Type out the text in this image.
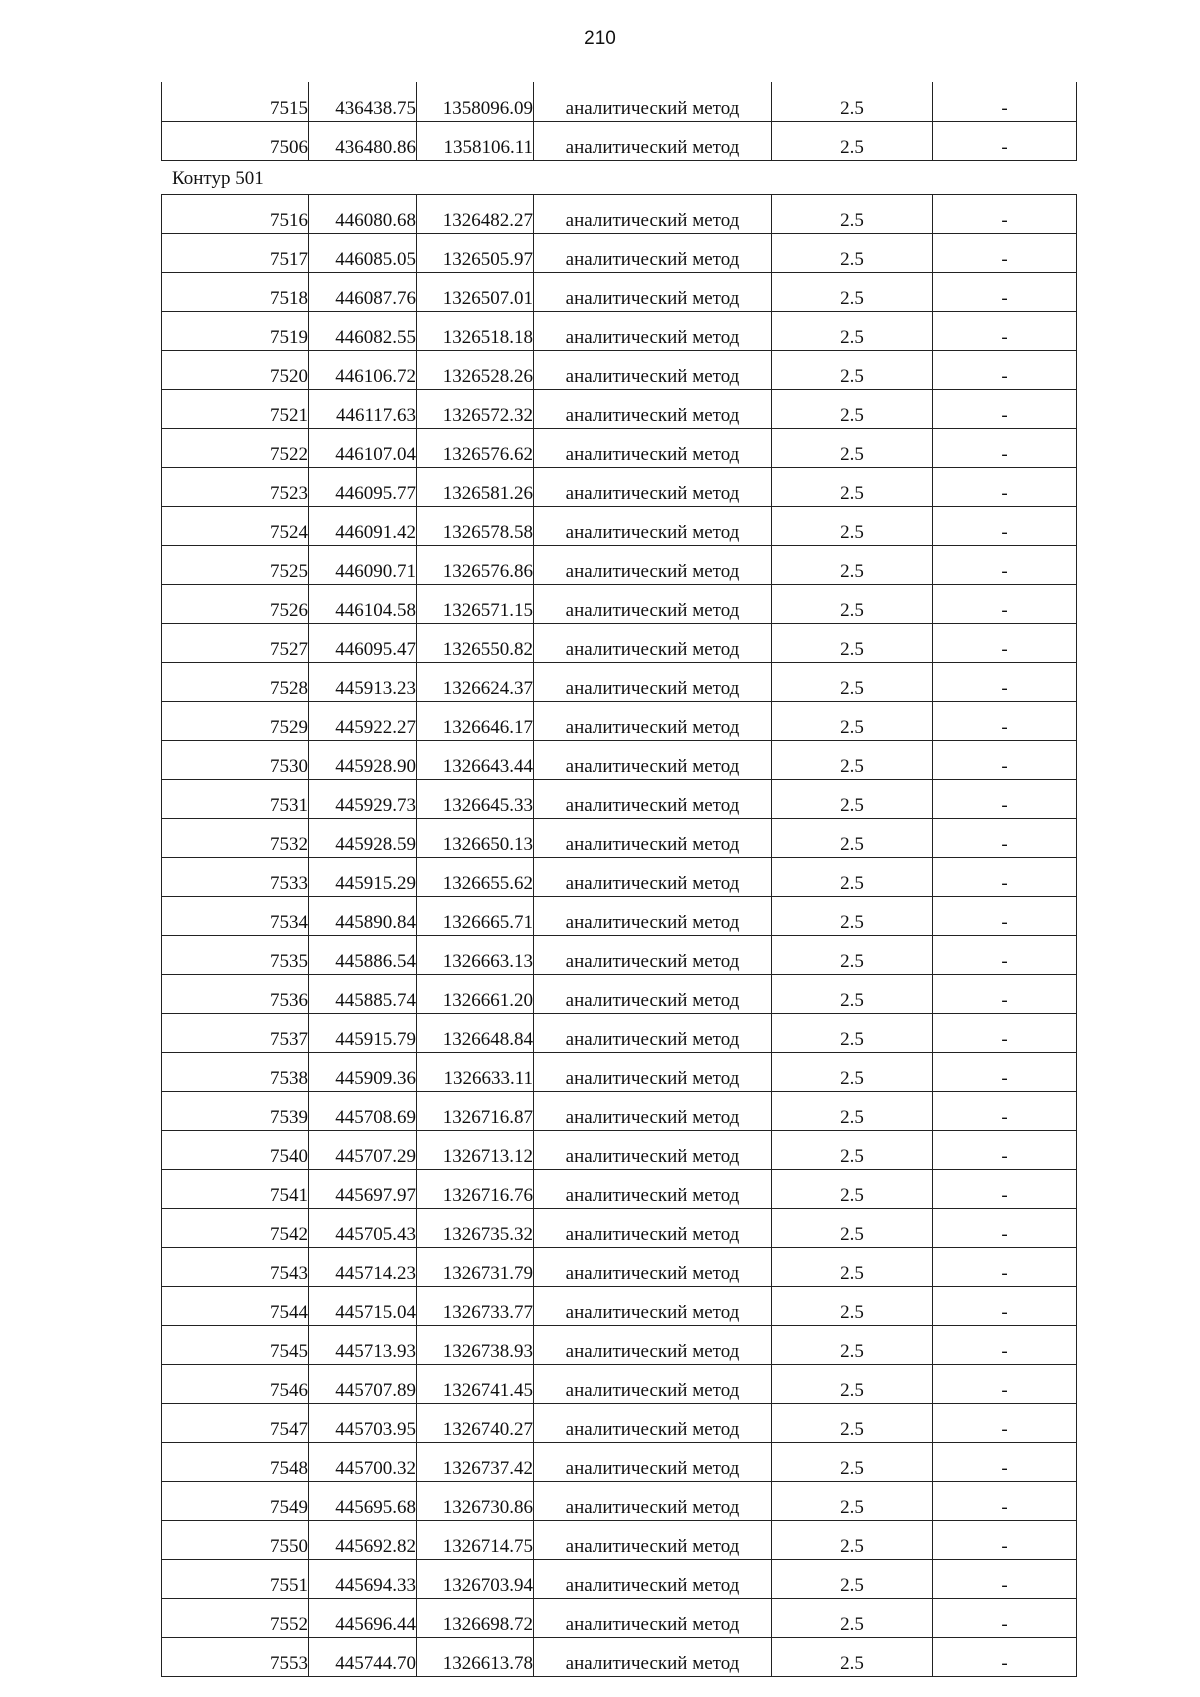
210
7515	436438.75	1358096.09	аналитический метод	2.5	-
7506	436480.86	1358106.11	аналитический метод	2.5	-
Контур 501
7516	446080.68	1326482.27	аналитический метод	2.5	-
7517	446085.05	1326505.97	аналитический метод	2.5	-
7518	446087.76	1326507.01	аналитический метод	2.5	-
7519	446082.55	1326518.18	аналитический метод	2.5	-
7520	446106.72	1326528.26	аналитический метод	2.5	-
7521	446117.63	1326572.32	аналитический метод	2.5	-
7522	446107.04	1326576.62	аналитический метод	2.5	-
7523	446095.77	1326581.26	аналитический метод	2.5	-
7524	446091.42	1326578.58	аналитический метод	2.5	-
7525	446090.71	1326576.86	аналитический метод	2.5	-
7526	446104.58	1326571.15	аналитический метод	2.5	-
7527	446095.47	1326550.82	аналитический метод	2.5	-
7528	445913.23	1326624.37	аналитический метод	2.5	-
7529	445922.27	1326646.17	аналитический метод	2.5	-
7530	445928.90	1326643.44	аналитический метод	2.5	-
7531	445929.73	1326645.33	аналитический метод	2.5	-
7532	445928.59	1326650.13	аналитический метод	2.5	-
7533	445915.29	1326655.62	аналитический метод	2.5	-
7534	445890.84	1326665.71	аналитический метод	2.5	-
7535	445886.54	1326663.13	аналитический метод	2.5	-
7536	445885.74	1326661.20	аналитический метод	2.5	-
7537	445915.79	1326648.84	аналитический метод	2.5	-
7538	445909.36	1326633.11	аналитический метод	2.5	-
7539	445708.69	1326716.87	аналитический метод	2.5	-
7540	445707.29	1326713.12	аналитический метод	2.5	-
7541	445697.97	1326716.76	аналитический метод	2.5	-
7542	445705.43	1326735.32	аналитический метод	2.5	-
7543	445714.23	1326731.79	аналитический метод	2.5	-
7544	445715.04	1326733.77	аналитический метод	2.5	-
7545	445713.93	1326738.93	аналитический метод	2.5	-
7546	445707.89	1326741.45	аналитический метод	2.5	-
7547	445703.95	1326740.27	аналитический метод	2.5	-
7548	445700.32	1326737.42	аналитический метод	2.5	-
7549	445695.68	1326730.86	аналитический метод	2.5	-
7550	445692.82	1326714.75	аналитический метод	2.5	-
7551	445694.33	1326703.94	аналитический метод	2.5	-
7552	445696.44	1326698.72	аналитический метод	2.5	-
7553	445744.70	1326613.78	аналитический метод	2.5	-
